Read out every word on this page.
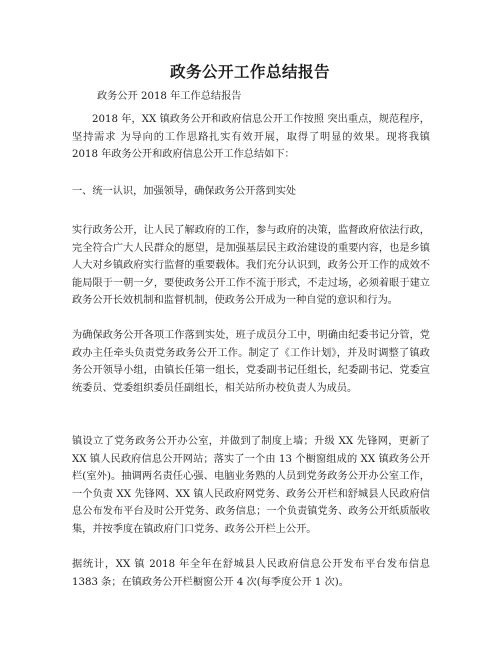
政务公开工作总结报告
政务公开 2018 年工作总结报告

2018 年，XX 镇政务公开和政府信息公开工作按照 突出重点，规范程序，坚持需求 为导向的工作思路扎实有效开展，取得了明显的效果。现将我镇 2018 年政务公开和政府信息公开工作总结如下：

一、统一认识，加强领导，确保政务公开落到实处

实行政务公开，让人民了解政府的工作，参与政府的决策，监督政府依法行政，完全符合广大人民群众的愿望，是加强基层民主政治建设的重要内容，也是乡镇人大对乡镇政府实行监督的重要载体。我们充分认识到，政务公开工作的成效不能局限于一朝一夕，要使政务公开工作不流于形式，不走过场，必须着眼于建立政务公开长效机制和监督机制，使政务公开成为一种自觉的意识和行为。

为确保政务公开各项工作落到实处，班子成员分工中，明确由纪委书记分管，党政办主任牵头负责党务政务公开工作。制定了《工作计划》，并及时调整了镇政务公开领导小组，由镇长任第一组长，党委副书记任组长，纪委副书记、党委宣统委员、党委组织委员任副组长，相关站所办校负责人为成员。

镇设立了党务政务公开办公室，并做到了制度上墙；升级 XX 先锋网，更新了 XX 镇人民政府信息公开网站；落实了一个由 13 个橱窗组成的 XX 镇政务公开栏(室外)。抽调两名责任心强、电脑业务熟的人员到党务政务公开办公室工作，一个负责 XX 先锋网、XX 镇人民政府网党务、政务公开栏和舒城县人民政府信息公布发布平台及时公开党务、政务信息；一个负责镇党务、政务公开纸质版收集，并按季度在镇政府门口党务、政务公开栏上公开。

据统计，XX 镇 2018 年全年在舒城县人民政府信息公开发布平台发布信息 1383 条；在镇政务公开栏橱窗公开 4 次(每季度公开 1 次)。
